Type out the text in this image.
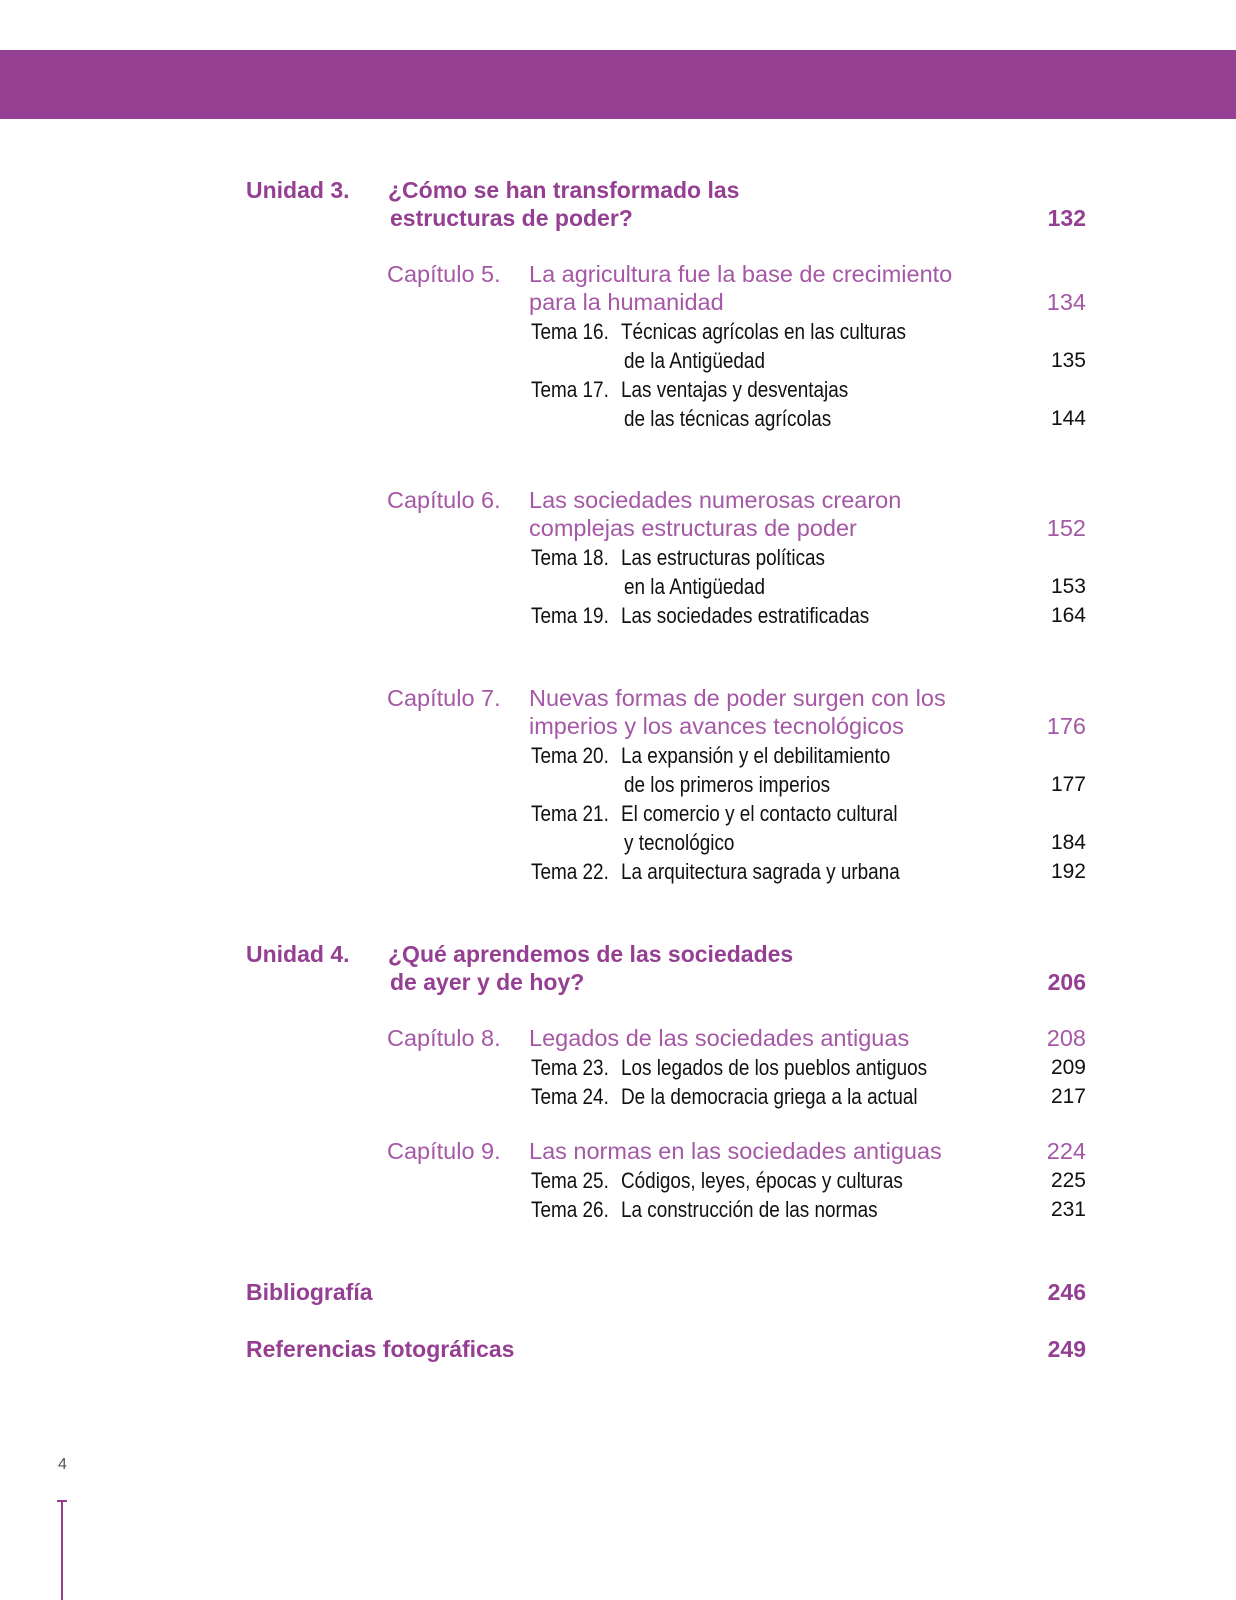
Unidad 3. ¿Cómo se han transformado las
estructuras de poder?	132
Capítulo 5. La agricultura fue la base de crecimiento
para la humanidad	134
Tema 16. Técnicas agrícolas en las culturas
de la Antigüedad	135
Tema 17. Las ventajas y desventajas
de las técnicas agrícolas	144
Capítulo 6. Las sociedades numerosas crearon
complejas estructuras de poder	152
Tema 18. Las estructuras políticas
en la Antigüedad	153
Tema 19. Las sociedades estratificadas	164
Capítulo 7. Nuevas formas de poder surgen con los
imperios y los avances tecnológicos	176
Tema 20. La expansión y el debilitamiento
de los primeros imperios	177
Tema 21. El comercio y el contacto cultural
y tecnológico	184
Tema 22. La arquitectura sagrada y urbana	192
Unidad 4. ¿Qué aprendemos de las sociedades
de ayer y de hoy?	206
Capítulo 8. Legados de las sociedades antiguas	208
Tema 23. Los legados de los pueblos antiguos	209
Tema 24. De la democracia griega a la actual	217
Capítulo 9. Las normas en las sociedades antiguas	224
Tema 25. Códigos, leyes, épocas y culturas	225
Tema 26. La construcción de las normas	231
Bibliografía	246
Referencias fotográficas	249
4
